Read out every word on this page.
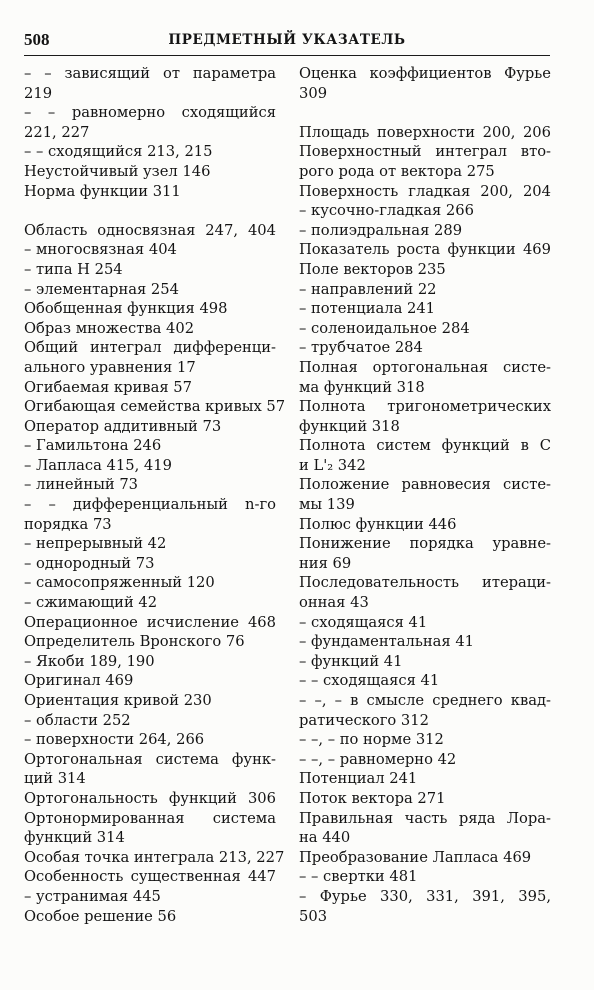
508	ПРЕДМЕТНЫЙ УКАЗАТЕЛЬ
– – зависящий от параметра
219
– – равномерно сходящийся
221, 227
– – сходящийся 213, 215
Неустойчивый узел 146
Норма функции 311
Область односвязная 247, 404
– многосвязная 404
– типа H 254
– элементарная 254
Обобщенная функция 498
Образ множества 402
Общий интеграл дифференци-
ального уравнения 17
Огибаемая кривая 57
Огибающая семейства кривых 57
Оператор аддитивный 73
– Гамильтона 246
– Лапласа 415, 419
– линейный 73
– – дифференциальный n-го
порядка 73
– непрерывный 42
– однородный 73
– самосопряженный 120
– сжимающий 42
Операционное исчисление 468
Определитель Вронского 76
– Якоби 189, 190
Оригинал 469
Ориентация кривой 230
– области 252
– поверхности 264, 266
Ортогональная система функ-
ций 314
Ортогональность функций 306
Ортонормированная система
функций 314
Особая точка интеграла 213, 227
Особенность существенная 447
– устранимая 445
Особое решение 56
Оценка коэффициентов Фурье
309
Площадь поверхности 200, 206
Поверхностный интеграл вто-
рого рода от вектора 275
Поверхность гладкая 200, 204
– кусочно-гладкая 266
– полиэдральная 289
Показатель роста функции 469
Поле векторов 235
– направлений 22
– потенциала 241
– соленоидальное 284
– трубчатое 284
Полная ортогональная систе-
ма функций 318
Полнота тригонометрических
функций 318
Полнота систем функций в C
и L'₂ 342
Положение равновесия систе-
мы 139
Полюс функции 446
Понижение порядка уравне-
ния 69
Последовательность итераци-
онная 43
– сходящаяся 41
– фундаментальная 41
– функций 41
– – сходящаяся 41
– –, – в смысле среднего квад-
ратического 312
– –, – по норме 312
– –, – равномерно 42
Потенциал 241
Поток вектора 271
Правильная часть ряда Лора-
на 440
Преобразование Лапласа 469
– – свертки 481
– Фурье 330, 331, 391, 395,
503
